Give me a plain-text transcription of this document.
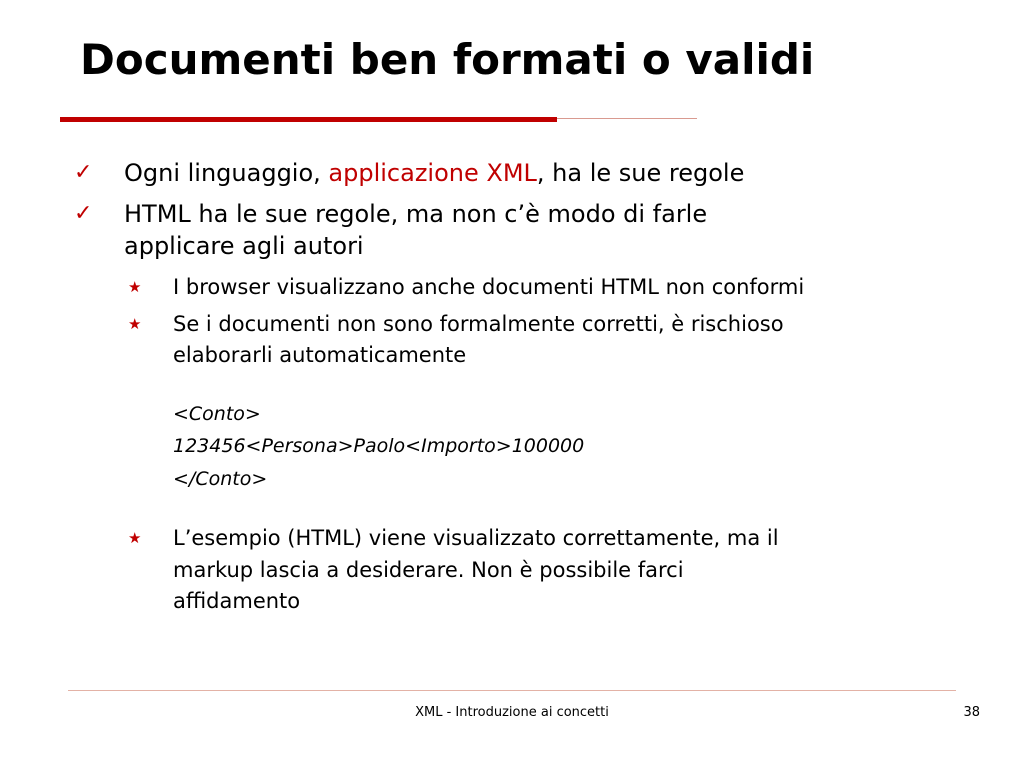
Documenti ben formati o validi
✓ Ogni linguaggio, applicazione XML, ha le sue regole
✓ HTML ha le sue regole, ma non c’è modo di farle
applicare agli autori
★ I browser visualizzano anche documenti HTML non conformi
★ Se i documenti non sono formalmente corretti, è rischioso
elaborarli automaticamente
<Conto>
123456<Persona>Paolo<Importo>100000
</Conto>
★ L’esempio (HTML) viene visualizzato correttamente, ma il
markup lascia a desiderare. Non è possibile farci
affidamento
XML - Introduzione ai concetti	38
